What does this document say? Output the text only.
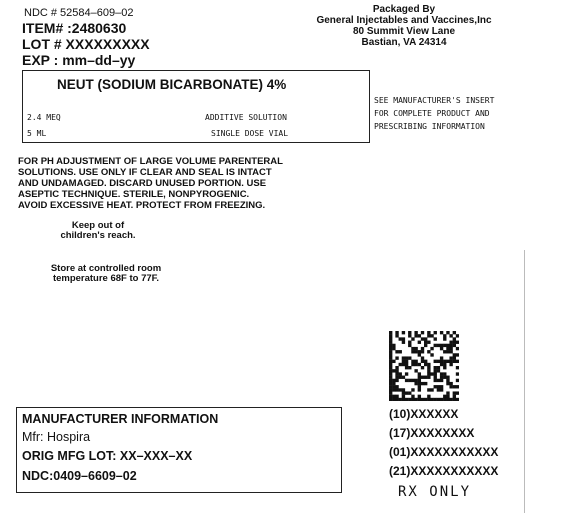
NDC # 52584–609–02
ITEM# :2480630
LOT # XXXXXXXXX
EXP : mm–dd–yy
Packaged By
General Injectables and Vaccines,Inc
80 Summit View Lane
Bastian, VA 24314
NEUT (SODIUM BICARBONATE) 4%
2.4 MEQ	ADDITIVE SOLUTION
5 ML	SINGLE DOSE VIAL
SEE MANUFACTURER'S INSERT
FOR COMPLETE PRODUCT AND
PRESCRIBING INFORMATION
FOR PH ADJUSTMENT OF LARGE VOLUME PARENTERAL
SOLUTIONS. USE ONLY IF CLEAR AND SEAL IS INTACT
AND UNDAMAGED. DISCARD UNUSED PORTION. USE
ASEPTIC TECHNIQUE. STERILE, NONPYROGENIC.
AVOID EXCESSIVE HEAT. PROTECT FROM FREEZING.
Keep out of
children's reach.
Store at controlled room
temperature 68F to 77F.
MANUFACTURER INFORMATION
Mfr: Hospira
ORIG MFG LOT: XX–XXX–XX
NDC:0409–6609–02
(10)XXXXXX
(17)XXXXXXXX
(01)XXXXXXXXXXX
(21)XXXXXXXXXXX
RX ONLY
